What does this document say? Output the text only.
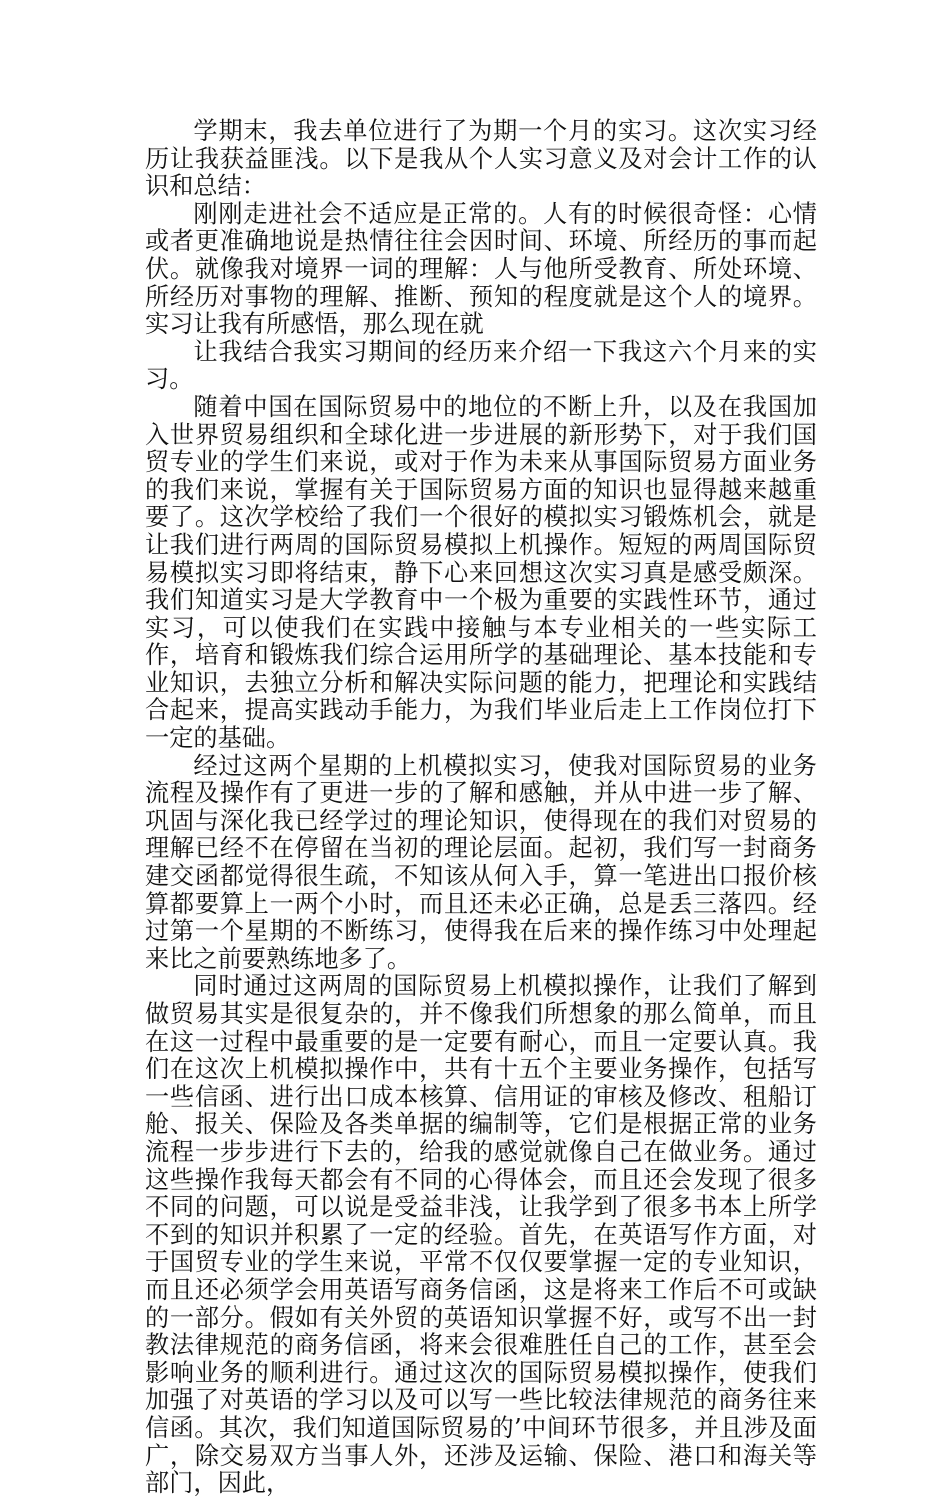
学期末，我去单位进行了为期一个月的实习。这次实习经历让我获益匪浅。以下是我从个人实习意义及对会计工作的认识和总结：

刚刚走进社会不适应是正常的。人有的时候很奇怪：心情或者更准确地说是热情往往会因时间、环境、所经历的事而起伏。就像我对境界一词的理解：人与他所受教育、所处环境、所经历对事物的理解、推断、预知的程度就是这个人的境界。实习让我有所感悟，那么现在就

让我结合我实习期间的经历来介绍一下我这六个月来的实习。

随着中国在国际贸易中的地位的不断上升，以及在我国加入世界贸易组织和全球化进一步进展的新形势下，对于我们国贸专业的学生们来说，或对于作为未来从事国际贸易方面业务的我们来说，掌握有关于国际贸易方面的知识也显得越来越重要了。这次学校给了我们一个很好的模拟实习锻炼机会，就是让我们进行两周的国际贸易模拟上机操作。短短的两周国际贸易模拟实习即将结束，静下心来回想这次实习真是感受颇深。我们知道实习是大学教育中一个极为重要的实践性环节，通过实习，可以使我们在实践中接触与本专业相关的一些实际工作，培育和锻炼我们综合运用所学的基础理论、基本技能和专业知识，去独立分析和解决实际问题的能力，把理论和实践结合起来，提高实践动手能力，为我们毕业后走上工作岗位打下一定的基础。

经过这两个星期的上机模拟实习，使我对国际贸易的业务流程及操作有了更进一步的了解和感触，并从中进一步了解、巩固与深化我已经学过的理论知识，使得现在的我们对贸易的理解已经不在停留在当初的理论层面。起初，我们写一封商务建交函都觉得很生疏，不知该从何入手，算一笔进出口报价核算都要算上一两个小时，而且还未必正确，总是丢三落四。经过第一个星期的不断练习，使得我在后来的操作练习中处理起来比之前要熟练地多了。

同时通过这两周的国际贸易上机模拟操作，让我们了解到做贸易其实是很复杂的，并不像我们所想象的那么简单，而且在这一过程中最重要的是一定要有耐心，而且一定要认真。我们在这次上机模拟操作中，共有十五个主要业务操作，包括写一些信函、进行出口成本核算、信用证的审核及修改、租船订舱、报关、保险及各类单据的编制等，它们是根据正常的业务流程一步步进行下去的，给我的感觉就像自己在做业务。通过这些操作我每天都会有不同的心得体会，而且还会发现了很多不同的问题，可以说是受益非浅，让我学到了很多书本上所学不到的知识并积累了一定的经验。首先，在英语写作方面，对于国贸专业的学生来说，平常不仅仅要掌握一定的专业知识，而且还必须学会用英语写商务信函，这是将来工作后不可或缺的一部分。假如有关外贸的英语知识掌握不好，或写不出一封教法律规范的商务信函，将来会很难胜任自己的工作，甚至会影响业务的顺利进行。通过这次的国际贸易模拟操作，使我们加强了对英语的学习以及可以写一些比较法律规范的商务往来信函。其次，我们知道国际贸易的’中间环节很多，并且涉及面广，除交易双方当事人外，还涉及运输、保险、港口和海关等部门，因此，
